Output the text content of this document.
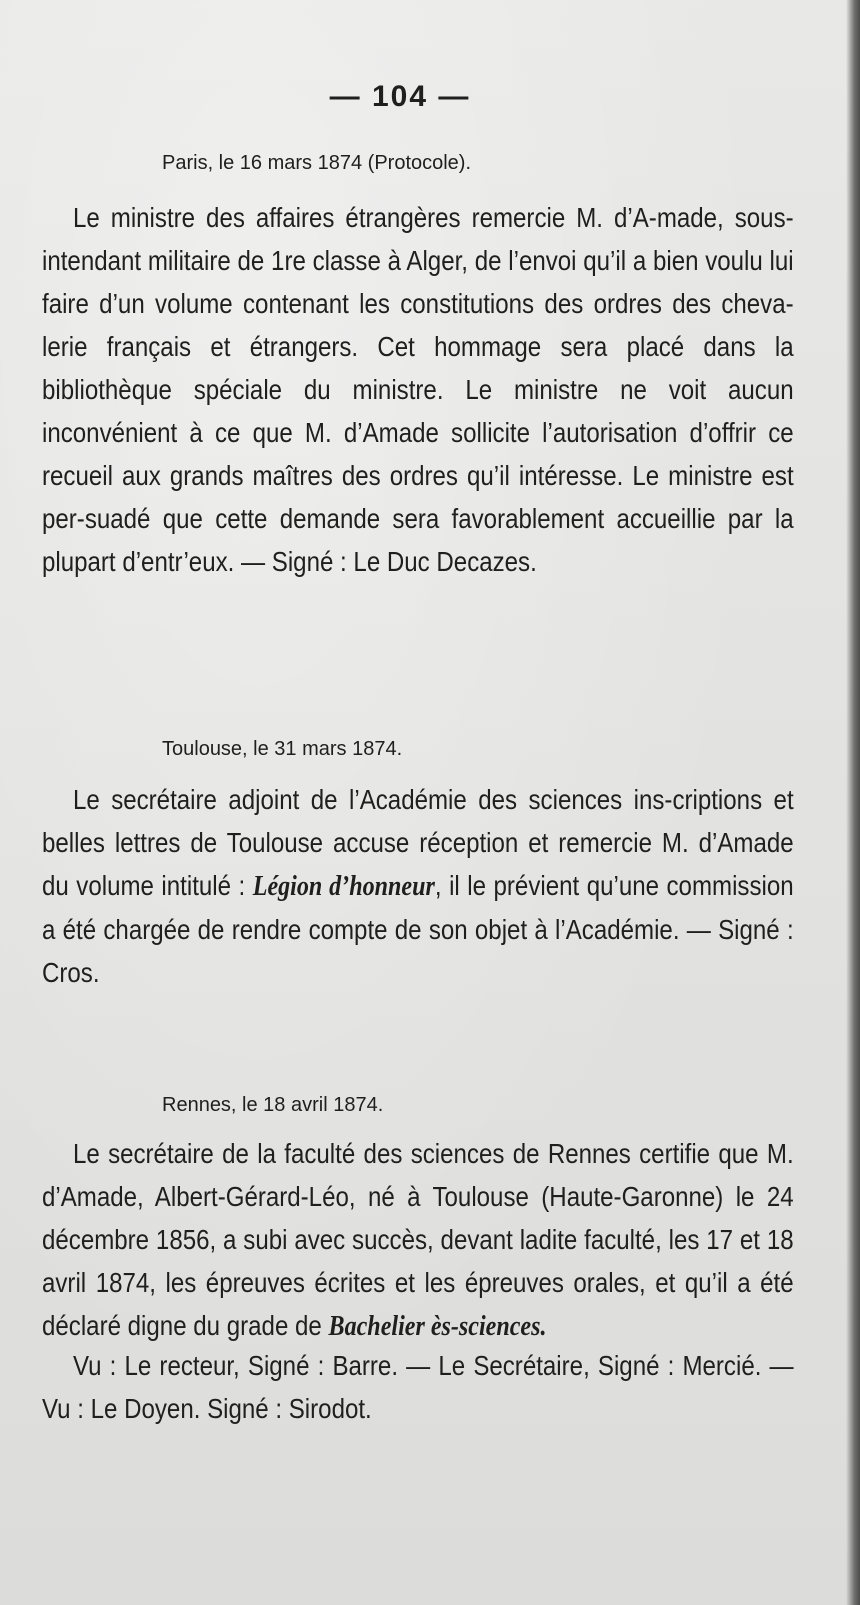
— 104 —
Paris, le 16 mars 1874 (Protocole).
Le ministre des affaires étrangères remercie M. d’A-made, sous-intendant militaire de 1re classe à Alger, de l’envoi qu’il a bien voulu lui faire d’un volume contenant les constitutions des ordres des cheva-lerie français et étrangers. Cet hommage sera placé dans la bibliothèque spéciale du ministre. Le ministre ne voit aucun inconvénient à ce que M. d’Amade sollicite l’autorisation d’offrir ce recueil aux grands maîtres des ordres qu’il intéresse. Le ministre est per-suadé que cette demande sera favorablement accueillie par la plupart d’entr’eux. — Signé : Le Duc Decazes.
Toulouse, le 31 mars 1874.
Le secrétaire adjoint de l’Académie des sciences ins-criptions et belles lettres de Toulouse accuse réception et remercie M. d’Amade du volume intitulé : Légion d’honneur, il le prévient qu’une commission a été chargée de rendre compte de son objet à l’Académie. — Signé : Cros.
Rennes, le 18 avril 1874.
Le secrétaire de la faculté des sciences de Rennes certifie que M. d’Amade, Albert-Gérard-Léo, né à Toulouse (Haute-Garonne) le 24 décembre 1856, a subi avec succès, devant ladite faculté, les 17 et 18 avril 1874, les épreuves écrites et les épreuves orales, et qu’il a été déclaré digne du grade de Bachelier ès-sciences.
Vu : Le recteur, Signé : Barre. — Le Secrétaire, Signé : Mercié. — Vu : Le Doyen. Signé : Sirodot.
